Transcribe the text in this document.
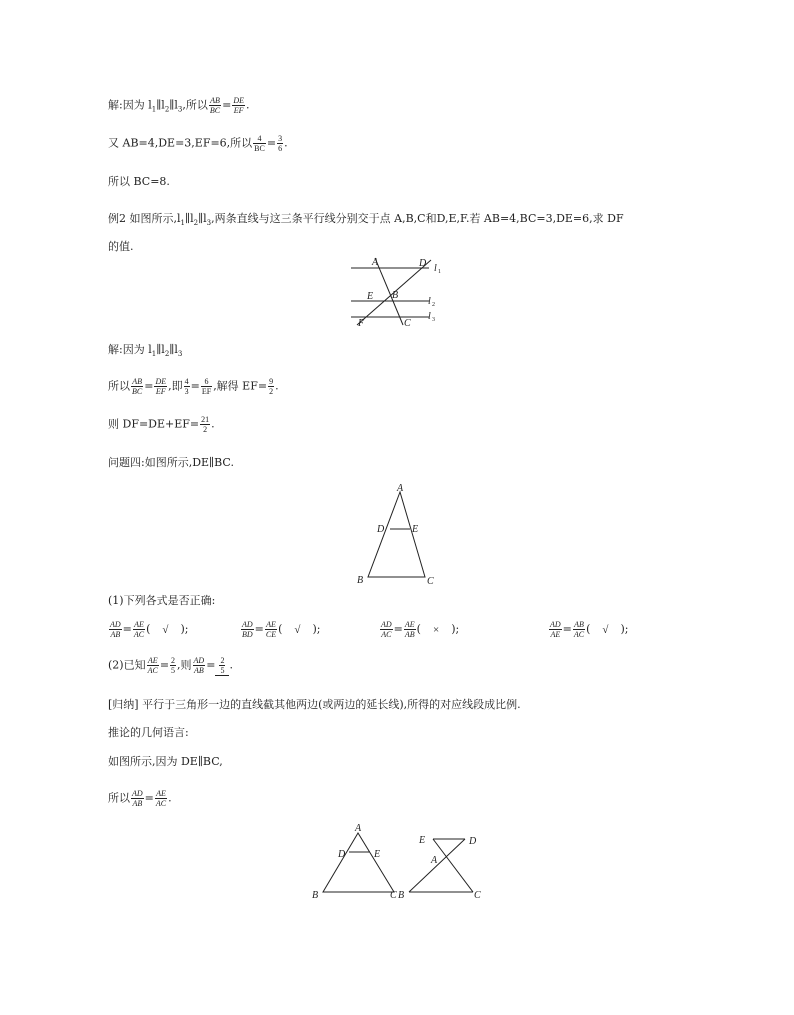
解:因为 $l_1\parallel l_2\parallel l_3$,所以 $\frac{AB}{BC} = \frac{DE}{EF}$ .
又 AB=4,DE=3,EF=6,所以 $\frac{4}{BC} = \frac{3}{6}$ .
所以 BC=8.
例2 如图所示$,l_1\parallel l_2\parallel l_3$,两条直线与这三条平行线分别交于点 A,B,C和D,E,F.若 AB=4,BC=3,DE=6,求 DF
的值.
A	D l 1
E B
l 2
F	C
l 3
解:因为 $l_1\parallel l_2\parallel l_3$
所以 $\frac{AB}{BC} = \frac{DE}{EF}$ ,即 $\frac{4}{3} = \frac{6}{EF}$ ,解得 $EF= \frac{9}{2}$ .
则 $DF=DE+EF= \frac{21}{2}$ .
问题四:如图所示,DE∥BC.
A
D	E
B	C
(1)下列各式是否正确:
$\frac{AD}{AB} = \frac{AE}{AC}$ ( √ );	$\frac{AD}{BD} = \frac{AE}{CE}$ ( √ );	$\frac{AD}{AC} = \frac{AE}{AB}$ ( × );	$\frac{AD}{AE} = \frac{AB}{AC}$ ( √ );
(2)已知 $\frac{AE}{AC} = \frac{2}{5}$ ,则 $\frac{AD}{AB} = \frac{2}{5}$ .
[归纳] 平行于三角形一边的直线截其他两边(或两边的延长线),所得的对应线段成比例.
推论的几何语言:
如图所示,因为 DE∥BC,
所以 $\frac{AD}{AB} = \frac{AE}{AC}$ .
A
D	E
B	C
E	D
A
B	C
